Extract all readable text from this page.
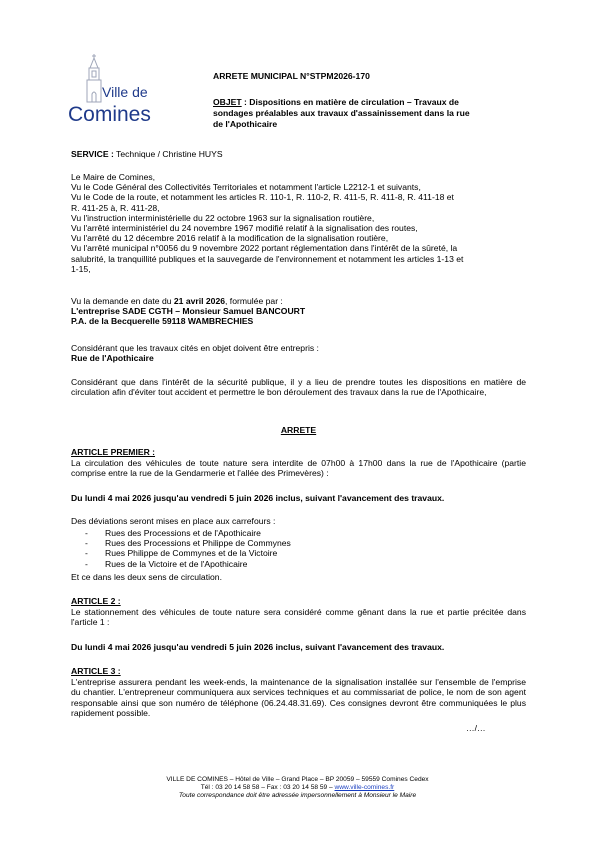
Ville de
Comines
ARRETE MUNICIPAL N°STPM2026-170
OBJET : Dispositions en matière de circulation – Travaux de
sondages préalables aux travaux d'assainissement dans la rue
de l'Apothicaire
SERVICE : Technique / Christine HUYS
Le Maire de Comines,
Vu le Code Général des Collectivités Territoriales et notamment l'article L2212-1 et suivants,
Vu le Code de la route, et notamment les articles R. 110-1, R. 110-2, R. 411-5, R. 411-8, R. 411-18 et
R. 411-25 à, R. 411-28,
Vu l'instruction interministérielle du 22 octobre 1963 sur la signalisation routière,
Vu l'arrêté interministériel du 24 novembre 1967 modifié relatif à la signalisation des routes,
Vu l'arrêté du 12 décembre 2016 relatif à la modification de la signalisation routière,
Vu l'arrêté municipal n°0056 du 9 novembre 2022 portant réglementation dans l'intérêt de la sûreté, la
salubrité, la tranquillité publiques et la sauvegarde de l'environnement et notamment les articles 1-13 et
1-15,
Vu la demande en date du 21 avril 2026, formulée par :
L'entreprise SADE CGTH – Monsieur Samuel BANCOURT
P.A. de la Becquerelle 59118 WAMBRECHIES
Considérant que les travaux cités en objet doivent être entrepris :
Rue de l'Apothicaire
Considérant que dans l'intérêt de la sécurité publique, il y a lieu de prendre toutes les dispositions en matière de circulation afin d'éviter tout accident et permettre le bon déroulement des travaux dans la rue de l'Apothicaire,
ARRETE
ARTICLE PREMIER :
La circulation des véhicules de toute nature sera interdite de 07h00 à 17h00 dans la rue de l'Apothicaire (partie comprise entre la rue de la Gendarmerie et l'allée des Primevères) :
Du lundi 4 mai 2026 jusqu'au vendredi 5 juin 2026 inclus, suivant l'avancement des travaux.
Des déviations seront mises en place aux carrefours :
- Rues des Processions et de l'Apothicaire
- Rues des Processions et Philippe de Commynes
- Rues Philippe de Commynes et de la Victoire
- Rues de la Victoire et de l'Apothicaire
Et ce dans les deux sens de circulation.
ARTICLE 2 :
Le stationnement des véhicules de toute nature sera considéré comme gênant dans la rue et partie précitée dans l'article 1 :
Du lundi 4 mai 2026 jusqu'au vendredi 5 juin 2026 inclus, suivant l'avancement des travaux.
ARTICLE 3 :
L'entreprise assurera pendant les week-ends, la maintenance de la signalisation installée sur l'ensemble de l'emprise du chantier. L'entrepreneur communiquera aux services techniques et au commissariat de police, le nom de son agent responsable ainsi que son numéro de téléphone (06.24.48.31.69). Ces consignes devront être communiquées le plus rapidement possible.
…/…
VILLE DE COMINES – Hôtel de Ville – Grand Place – BP 20059 – 59559 Comines Cedex
Tél : 03 20 14 58 58 – Fax : 03 20 14 58 59 – www.ville-comines.fr
Toute correspondance doit être adressée impersonnellement à Monsieur le Maire
